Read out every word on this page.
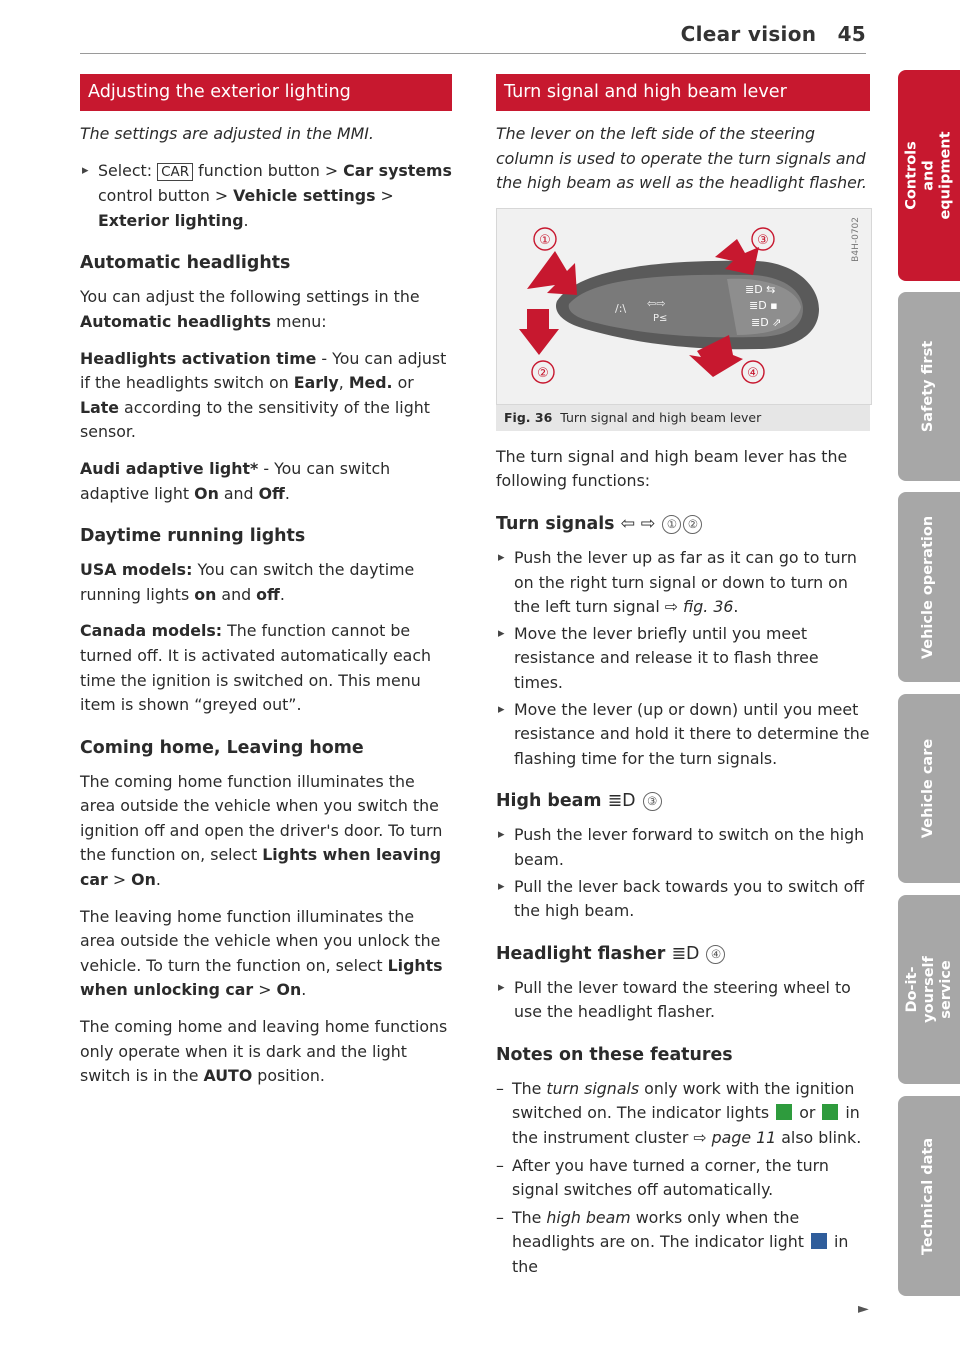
Clear vision 45
Adjusting the exterior lighting

The settings are adjusted in the MMI.

▸ Select: CAR function button > Car systems control button > Vehicle settings > Exterior lighting.
Automatic headlights

You can adjust the following settings in the Automatic headlights menu:

Headlights activation time - You can adjust if the headlights switch on Early, Med. or Late according to the sensitivity of the light sensor.

Audi adaptive light* - You can switch adaptive light On and Off.

Daytime running lights

USA models: You can switch the daytime running lights on and off.

Canada models: The function cannot be turned off. It is activated automatically each time the ignition is switched on. This menu item is shown “greyed out”.

Coming home, Leaving home

The coming home function illuminates the area outside the vehicle when you switch the ignition off and open the driver's door. To turn the function on, select Lights when leaving car > On.

The leaving home function illuminates the area outside the vehicle when you unlock the vehicle. To turn the function on, select Lights when unlocking car > On.

The coming home and leaving home functions only operate when it is dark and the light switch is in the AUTO position.

Turn signal and high beam lever

The lever on the left side of the steering column is used to operate the turn signals and the high beam as well as the headlight flasher.

/:\ ⇦⇨
P≤
≣D ⇆
≣D ▪
≣D ⇗
①
②
③
④
B4H-0702
Fig. 36 Turn signal and high beam lever

The turn signal and high beam lever has the following functions:

Turn signals ⇦ ⇨ ① ②
▸ Push the lever up as far as it can go to turn on the right turn signal or down to turn on the left turn signal ⇨ fig. 36.
▸ Move the lever briefly until you meet resistance and release it to flash three times.
▸ Move the lever (up or down) until you meet resistance and hold it there to determine the flashing time for the turn signals.
High beam ≣D ③
▸ Push the lever forward to switch on the high beam.
▸ Pull the lever back towards you to switch off the high beam.
Headlight flasher ≣D ④
▸ Pull the lever toward the steering wheel to use the headlight flasher.
Notes on these features
– The turn signals only work with the ignition switched on. The indicator lights or in the instrument cluster ⇨ page 11 also blink.
– After you have turned a corner, the turn signal switches off automatically.
– The high beam works only when the headlights are on. The indicator light in the
►
Controls and equipment
Safety first
Vehicle operation
Vehicle care
Do-it-yourself service
Technical data
